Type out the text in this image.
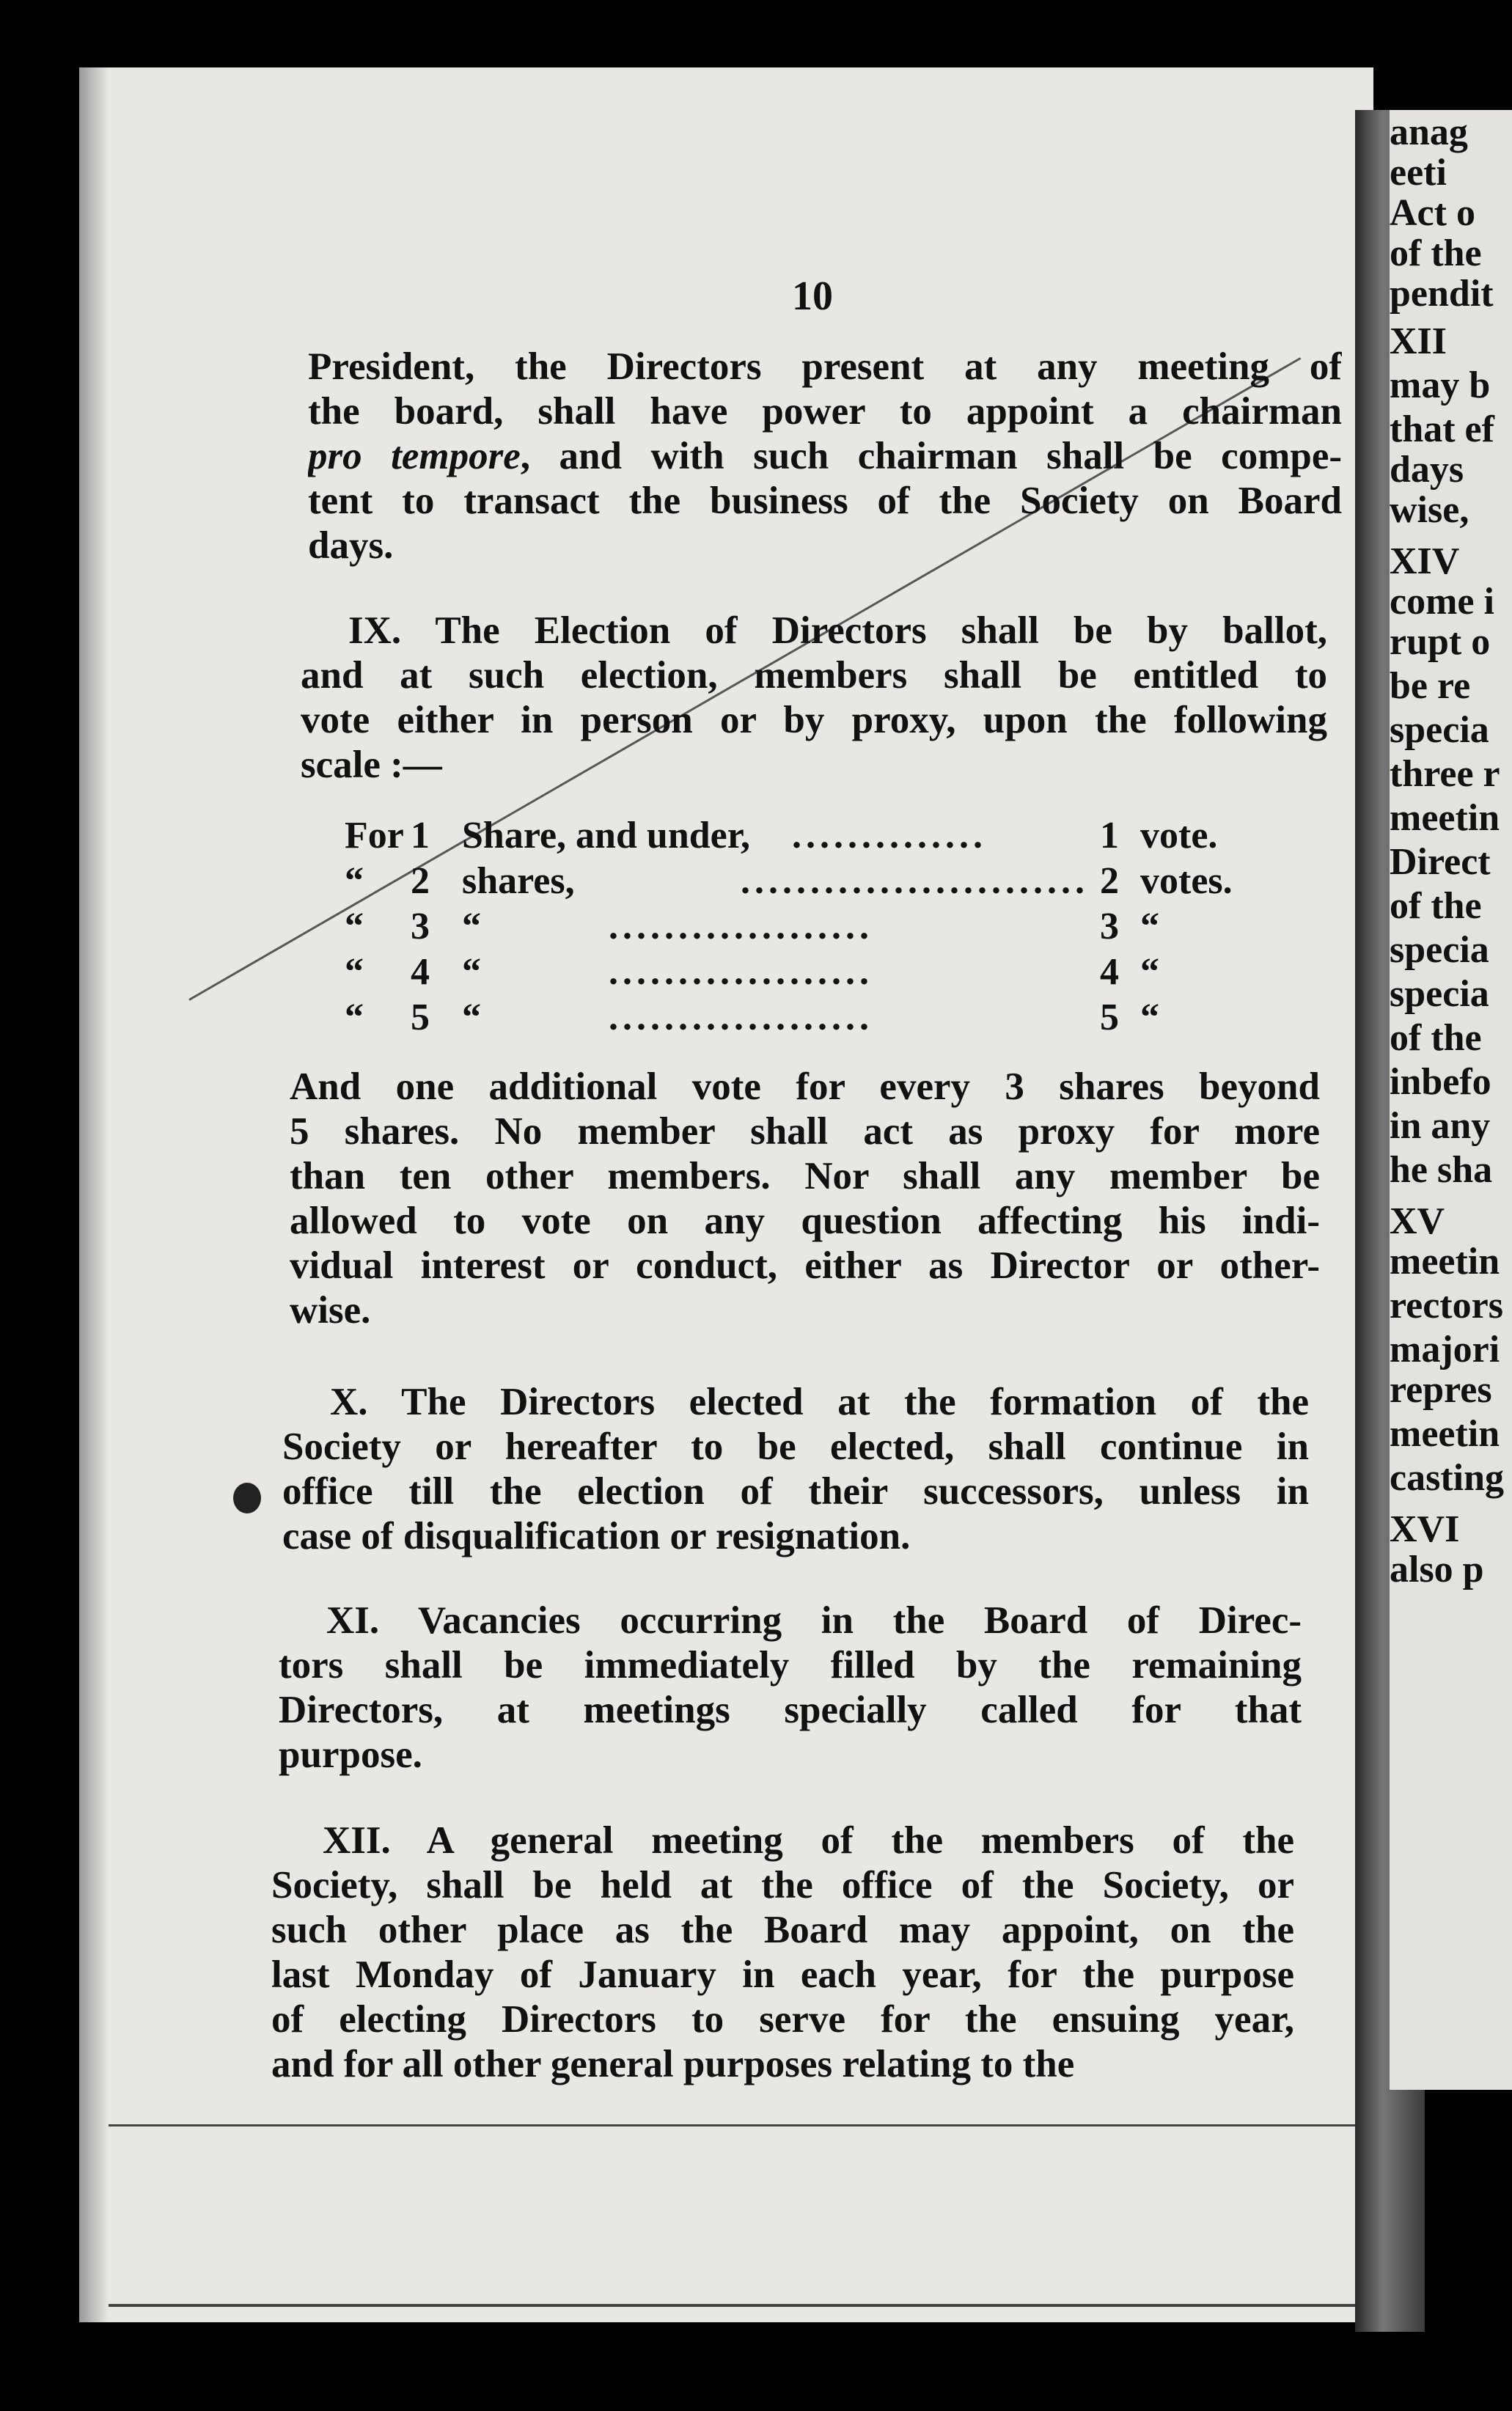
anag
eeti
Act o
of the
pendit
XII
may b
that ef
days
wise,
XIV
come i
rupt o
be re
specia
three r
meetin
Direct
of the
specia
specia
of the
inbefo
in any
he sha
XV
meetin
rectors
majori
repres
meetin
casting
XVI
also p
10
President, the Directors present at any meeting of
the board, shall have power to appoint a chairman
pro tempore, and with such chairman shall be compe-
tent to transact the business of the Society on Board
days.
IX. The Election of Directors shall be by ballot,
and at such election, members shall be entitled to
vote either in person or by proxy, upon the following
scale :—
And one additional vote for every 3 shares beyond
5 shares. No member shall act as proxy for more
than ten other members. Nor shall any member be
allowed to vote on any question affecting his indi-
vidual interest or conduct, either as Director or other-
wise.
X. The Directors elected at the formation of the
Society or hereafter to be elected, shall continue in
office till the election of their successors, unless in
case of disqualification or resignation.
XI. Vacancies occurring in the Board of Direc-
tors shall be immediately filled by the remaining
Directors, at meetings specially called for that
purpose.
XII. A general meeting of the members of the
Society, shall be held at the office of the Society, or
such other place as the Board may appoint, on the
last Monday of January in each year, for the purpose
of electing Directors to serve for the ensuing year,
and for all other general purposes relating to the
For 1 Share, and under, ..............	1 vote.
“ 2 shares,	......................... 2 votes.
“ 3 “	...................	3 “
“ 4 “	...................	4 “
“ 5 “	...................	5 “
